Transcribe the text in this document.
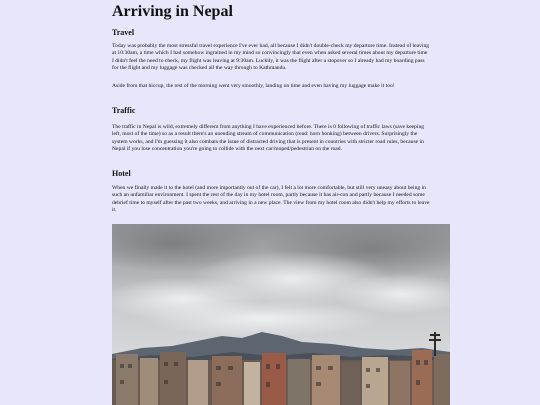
Arriving in Nepal
Travel

Today was probably the most stressful travel experience I've ever had, all because I didn't double-check my departure time. Instead of leaving at 10:30am, a time which I had somehow ingrained in my mind so convincingly that even when asked several times about my departure time I didn't feel the need to check, my flight was leaving at 9:30am. Luckily, it was the flight after a stopover so I already had my boarding pass for the flight and my luggage was checked all the way through to Kathmandu.

Aside from that hiccup, the rest of the morning went very smoothly, landing on time and even having my luggage make it too!

Traffic

The traffic in Nepal is wild, extremely different from anything I have experienced before. There is 0 following of traffic laws (save keeping left, most of the time) so as a result there's an unending stream of communication (read: horn honking) between drivers. Surprisingly the system works, and I'm guessing it also combats the issue of distracted driving that is present in countries with stricter road rules, because in Nepal if you lose concentration you're going to collide with the next car/moped/pedestrian on the road.

Hotel

When we finally made it to the hotel (and more importantly out of the car), I felt a lot more comfortable, but still very uneasy about being in such an unfamiliar environment. I spent the rest of the day in my hotel room, partly because it has air-con and partly because I needed some debrief time to myself after the past two weeks, and arriving in a new place. The view from my hotel room also didn't help my efforts to leave it.
